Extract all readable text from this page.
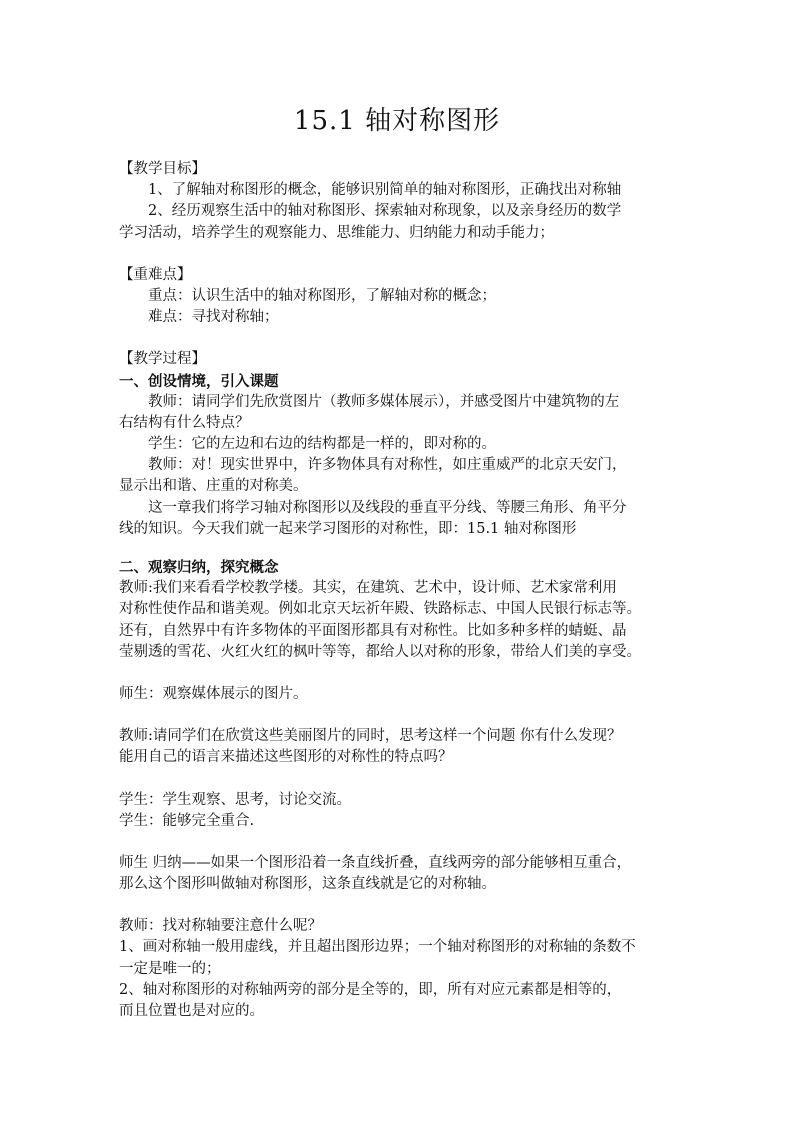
15.1 轴对称图形
【教学目标】
1、了解轴对称图形的概念，能够识别简单的轴对称图形，正确找出对称轴
2、经历观察生活中的轴对称图形、探索轴对称现象，以及亲身经历的数学
学习活动，培养学生的观察能力、思维能力、归纳能力和动手能力；
【重难点】
重点：认识生活中的轴对称图形，了解轴对称的概念；
难点：寻找对称轴；
【教学过程】
一、创设情境，引入课题
教师：请同学们先欣赏图片（教师多媒体展示），并感受图片中建筑物的左
右结构有什么特点？
学生：它的左边和右边的结构都是一样的，即对称的。
教师：对！现实世界中，许多物体具有对称性，如庄重威严的北京天安门，
显示出和谐、庄重的对称美。
这一章我们将学习轴对称图形以及线段的垂直平分线、等腰三角形、角平分
线的知识。今天我们就一起来学习图形的对称性，即：15.1 轴对称图形
二、观察归纳，探究概念
教师:我们来看看学校教学楼。其实，在建筑、艺术中，设计师、艺术家常利用
对称性使作品和谐美观。例如北京天坛祈年殿、铁路标志、中国人民银行标志等。
还有，自然界中有许多物体的平面图形都具有对称性。比如多种多样的蜻蜓、晶
莹剔透的雪花、火红火红的枫叶等等，都给人以对称的形象，带给人们美的享受。
师生：观察媒体展示的图片。
教师:请同学们在欣赏这些美丽图片的同时，思考这样一个问题 你有什么发现？
能用自己的语言来描述这些图形的对称性的特点吗？
学生：学生观察、思考，讨论交流。
学生：能够完全重合.
师生 归纳——如果一个图形沿着一条直线折叠，直线两旁的部分能够相互重合，
那么这个图形叫做轴对称图形，这条直线就是它的对称轴。
教师：找对称轴要注意什么呢？
1、画对称轴一般用虚线，并且超出图形边界；一个轴对称图形的对称轴的条数不
一定是唯一的；
2、轴对称图形的对称轴两旁的部分是全等的，即，所有对应元素都是相等的，
而且位置也是对应的。
